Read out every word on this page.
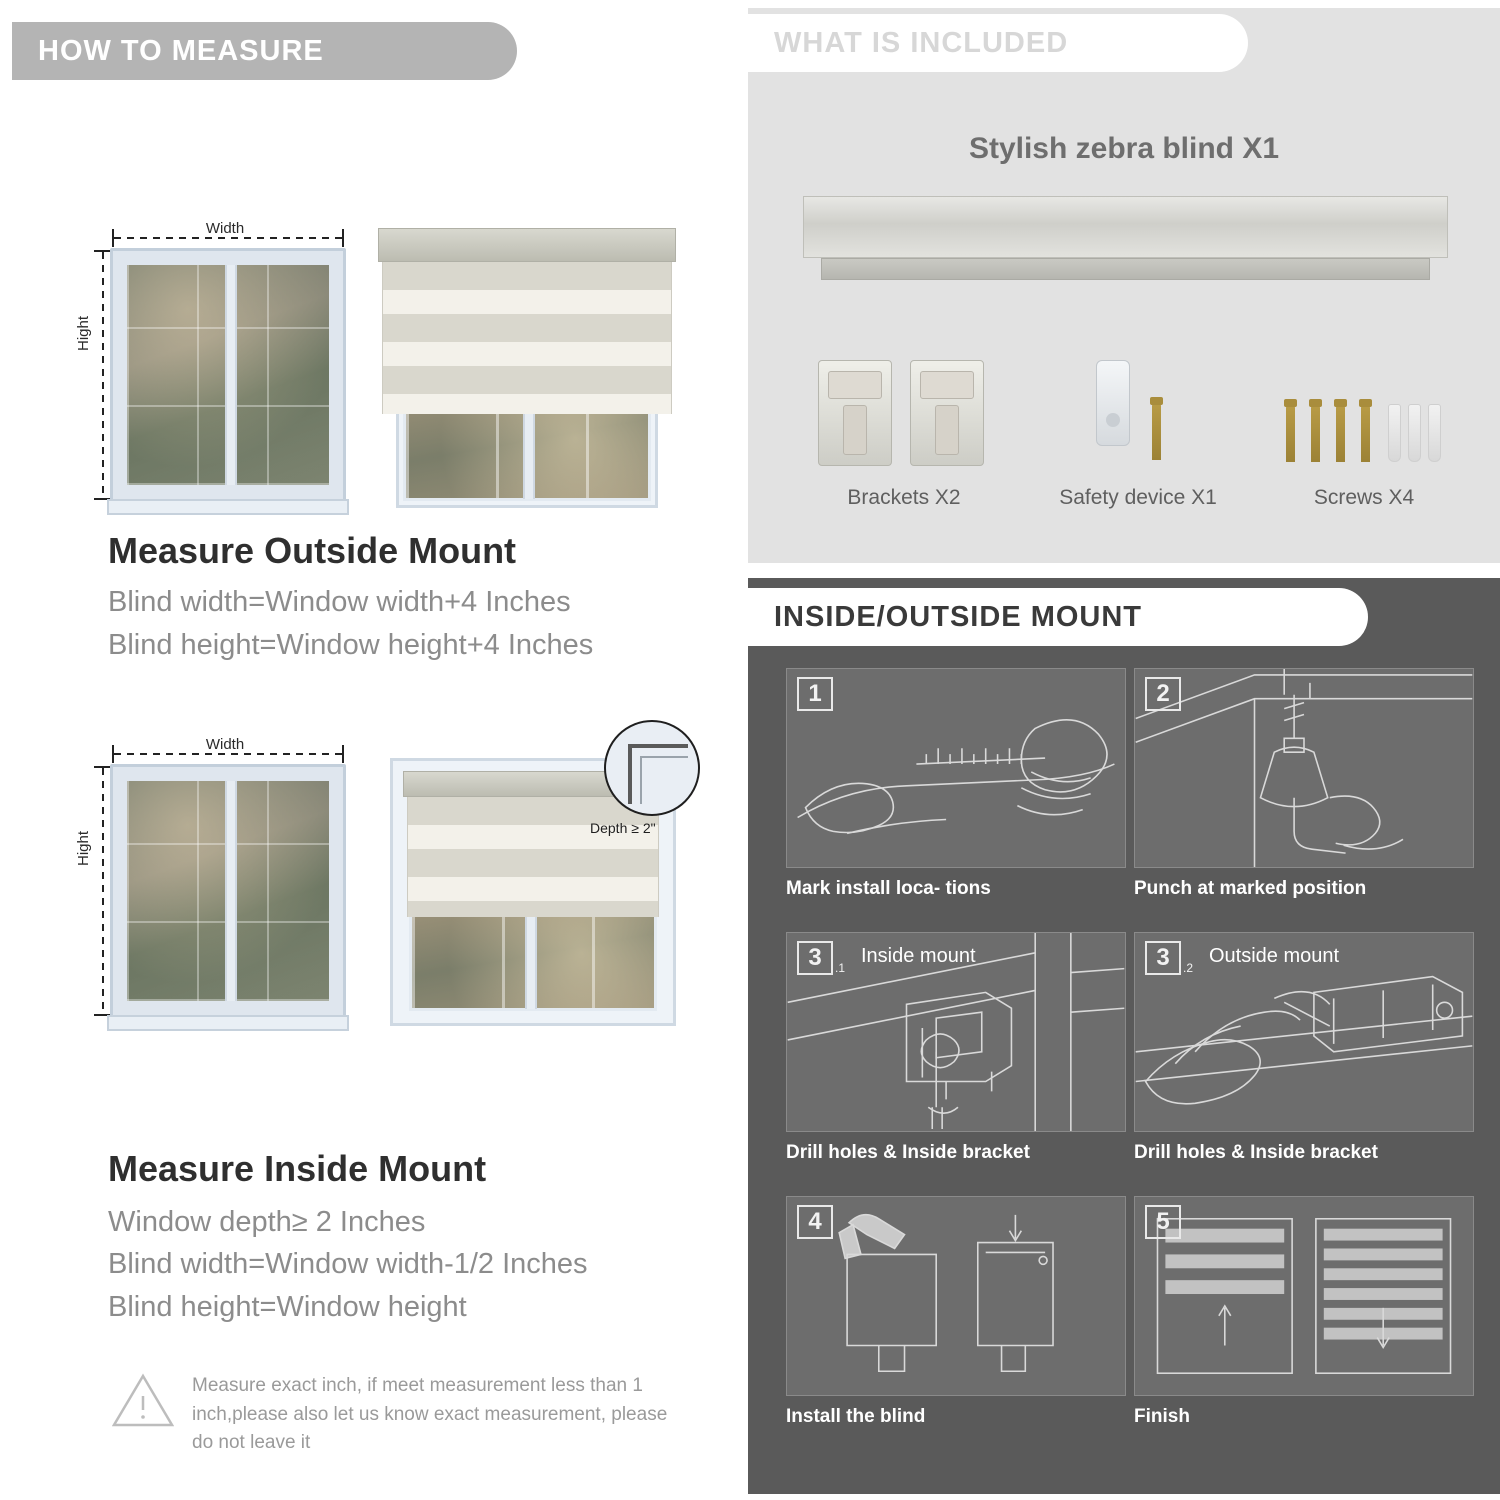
HOW TO MEASURE
Width
Hight
Measure Outside Mount
Blind width=Window width+4 Inches
Blind height=Window height+4 Inches
Width
Hight
Depth ≥ 2"
Measure Inside Mount
Window depth≥ 2 Inches
Blind width=Window width-1/2 Inches
Blind height=Window height
Measure exact inch, if meet measurement less than 1 inch,please also let us know exact measurement, please do not leave it
WHAT IS INCLUDED
Stylish zebra blind X1
Brackets X2	Safety device X1	Screws X4
INSIDE/OUTSIDE MOUNT
1
Mark install loca- tions
2
Punch at marked position
3	.1
Inside mount
Drill holes & Inside bracket
3	.2
Outside mount
Drill holes & Inside bracket
4
Install the blind
5
Finish
